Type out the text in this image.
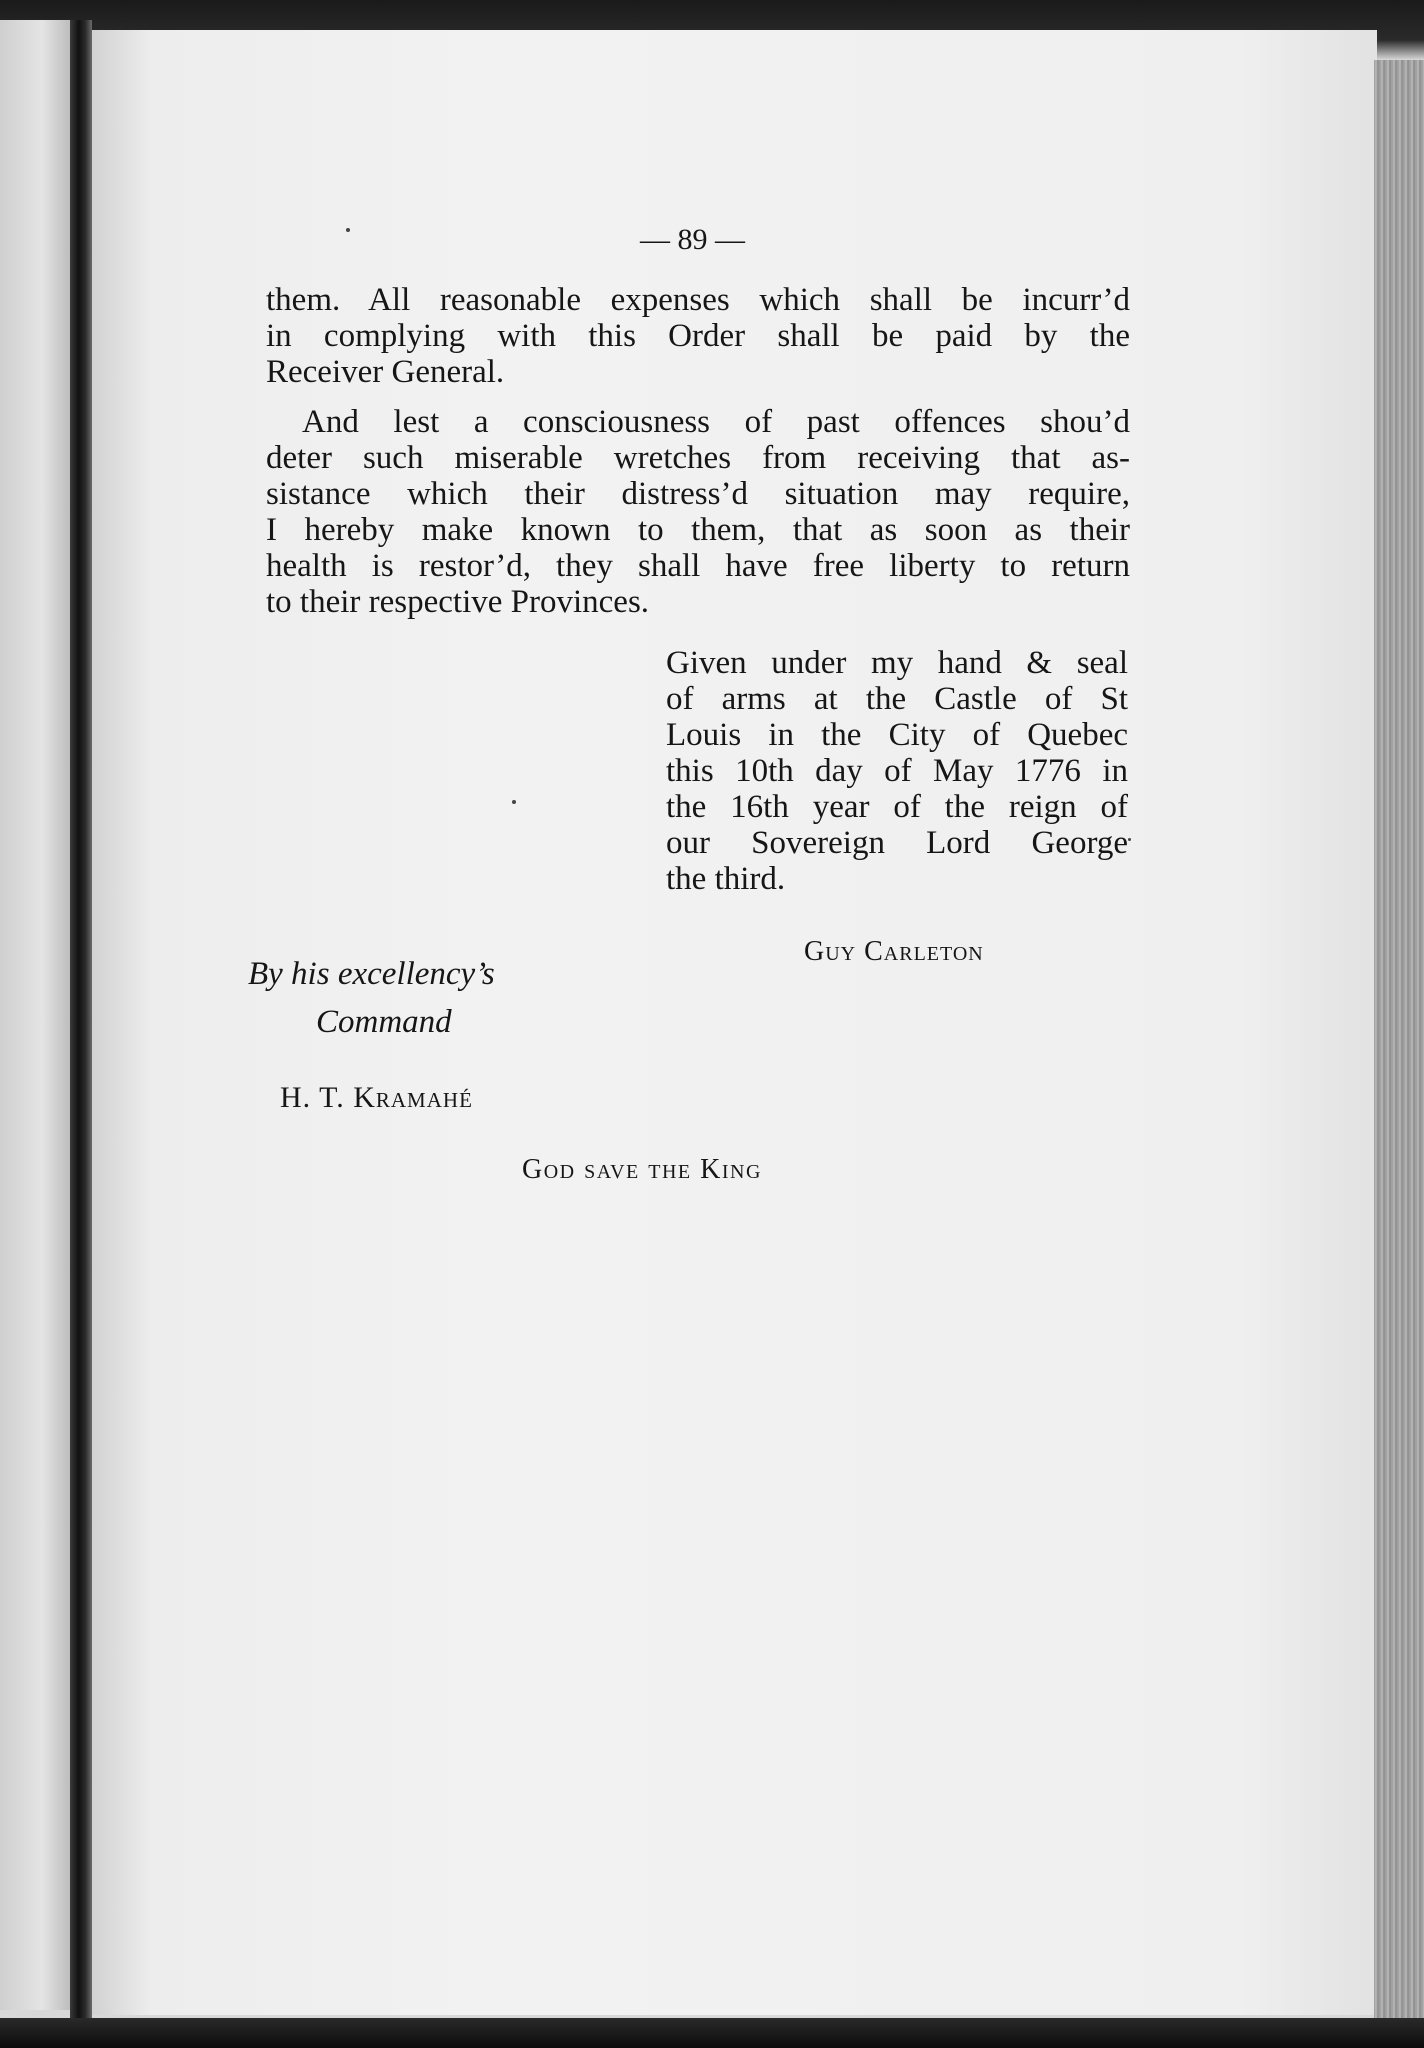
— 89 —
them. All reasonable expenses which shall be incurr’d
in complying with this Order shall be paid by the
Receiver General.
And lest a consciousness of past offences shou’d
deter such miserable wretches from receiving that as-
sistance which their distress’d situation may require,
I hereby make known to them, that as soon as their
health is restor’d, they shall have free liberty to return
to their respective Provinces.
Given under my hand & seal
of arms at the Castle of St
Louis in the City of Quebec
this 10th day of May 1776 in
the 16th year of the reign of
our Sovereign Lord George
the third.
Guy Carleton
By his excellency’s
Command
H. T. Kramahé
God save the King
